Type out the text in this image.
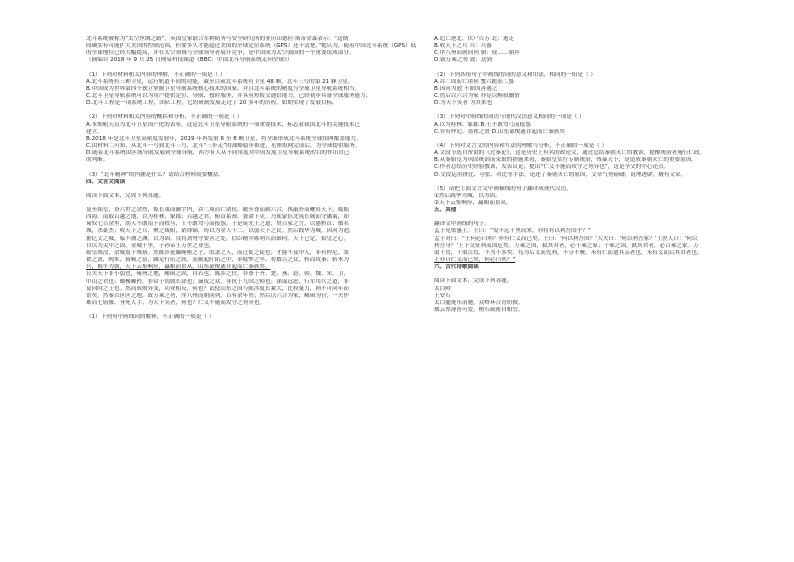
北斗系统被称为“太空丝绸之路”。英国皇家联合军种防务与安全研究所的亚历山德拉·斯蒂金森表示：“这期
间确实有可能扩大美国的控制范围，但要多久才能超过美国的全球定位系统（GPS）还不清楚。”她认为，随着中国北斗系统（GPS）低
的全球地位已经大幅提高，并在太空领域与全球领导者展开竞争，是中国成为太空强国的一个重要组成部分。
（摘编自 2018 年 9 月 25 日网易科技频道《BBC：中国北斗导航系统走向全球》）
（1）下列对材料相关内容的理解，不正确的一项是（ ）
A.北斗系统有三种卫星，运行轨道不同的功能，截至目前北斗系统有卫星 48 颗，北斗三号的第 21 颗卫星。
B.中国成为世界第四个独立掌握卫星导航系统核心技术的国家，并且北斗系统的精度与全球卫星导航系统相当。
C.北斗卫星导航系统可以为用户提供定位、导航、授时服务，并具有短报文通信能力，已经初步具备全球服务能力。
D.北斗工程是一项系统工程，团队工程，它的研制发展走过了 20 多年的历程，如期实现了发展目标。
（2）下列对材料相关内容的概括和分析，不正确的一项是（ ）
A.本期航天员为北斗卫星国产化的表率，这是北斗卫星导航系统的一项重要技术，标志着我国北斗的关键技术已
建立。
B.2018 年是北斗卫星高密度发射年，2019 年再发射 6 至 8 颗卫星，将全面形成北斗系统全球组网覆盖能力。
C.由材料二可知，从北斗一号到北斗三号，北斗“三步走”的战略稳步推进，星座组网完成后，为全球提供服务。
D.随着北斗系统由区域导航发展到全球导航，西方有人从不同角度对中国发展卫星导航系统的目的作出自己
的判断。
（3）“北斗精神”的内涵是什么？请结合材料简要概括。
四、文言文阅读
阅读下面文本，完成下列各题。
及至始皇，奋六世之余烈，振长策而御宇内，吞二周而亡诸侯，履至尊而制六合，执敲扑而鞭笞天下，威振
四海。南取百越之地，以为桂林、象郡；百越之君，俯首系颈，委命下吏。乃使蒙恬北筑长城而守藩篱，却
匈奴七百余里，胡人不敢南下而牧马，士不敢弯弓而报怨。于是废先王之道，焚百家之言，以愚黔首；隳名
城，杀豪杰；收天下之兵，聚之咸阳，销锋镝，铸以为金人十二，以弱天下之民。然后践华为城，因河为池，
据亿丈之城，临不测之渊，以为固。良将劲弩守要害之处，信臣精卒陈利兵而谁何。天下已定，始皇之心，
自以为关中之固，金城千里，子孙帝王万世之业也。
始皇既没，余威震于殊俗。然陈涉瓮牖绳枢之子，氓隶之人，而迁徙之徒也；才能不及中人，非有仲尼、墨
翟之贤，陶朱、猗顿之富；蹑足行伍之间，而倔起阡陌之中，率疲弊之卒，将数百之众，转而攻秦；斩木为
兵，揭竿为旗，天下云集响应，赢粮而景从。山东豪俊遂并起而亡秦族矣。
且夫天下非小弱也，雍州之地，崤函之固，自若也。陈涉之位，非尊于齐、楚、燕、赵、韩、魏、宋、卫、
中山之君也；锄櫌棘矜，非铦于钩戟长铩也；谪戍之众，非抗于九国之师也；深谋远虑，行军用兵之道，非
及向时之士也。然而成败异变，功业相反，何也？试使山东之国与陈涉度长絜大，比权量力，则不可同年而
语矣。然秦以区区之地，致万乘之势，序八州而朝同列，百有余年矣；然后以六合为家，崤函为宫；一夫作
难而七庙隳，身死人手，为天下笑者，何也？仁义不施而攻守之势异也。
（1）下列句中画线词的解释，不正确的一项是（ ）
A.追亡逐北，伏尸百万 北：逃走
B.收天下之兵 兵：兵器
C.序八州而朝同列 朝：使……朝拜
D.致万乘之势 致：达到
（2）下列各组句子中画线的词的意义和用法，相同的一组是（ ）
A.吞二周而亡诸侯 蟹六跪而二螯
B.因河为池 不如因善遇之
C.然后以六合为家 亦足以畅叙幽情
D.为天下笑者 为其来也
（3）下列句中画线的词语与现代汉语意义相同的一项是（ ）
A.以为桂林、象郡 B.士不敢弯弓而报怨
C.非有仲尼、墨翟之贤 D.山东豪俊遂并起而亡秦族矣
（4）下列对文言文的内容和写法的理解与分析，不正确的一项是（ ）
A.文段节选自贾谊的《过秦论》，这是历史上有名的政论文，通过总结秦朝灭亡的教训，提醒统治者施行仁政。
B.从秦始皇为巩固统治而采取的措施来看，秦始皇实行专制统治，残暴天下，是造成秦朝灭亡的重要原因。
C.作者总结历史经验教训，发表议论，提出“仁义不施而攻守之势异也”，这是全文的中心论点。
D.文段运用排比、夸张、对比等手法，论述了秦朝灭亡的原因，文章气势磅礴，说理透辟，极有文采。
（5）请把上面文言文中画横线的句子翻译成现代汉语。
①然后践华为城，以为固。
②天下云集响应，赢粮而景从。
五、其他
翻译文中画线的句子。
孟子见梁惠王。王曰：“叟不远千里而来，亦将有以利吾国乎？”
孟子对曰：“王何必曰利？亦有仁义而已矣。王曰：‘何以利吾国？’大夫曰：‘何以利吾家？’士庶人曰：‘何以
利吾身？’上下交征利而国危矣。万乘之国，弑其君者，必千乘之家；千乘之国，弑其君者，必百乘之家。万
取千焉，千取百焉，不为不多矣。苟为后义而先利，不夺不餍。未有仁而遗其亲者也，未有义而后其君者也。
王亦曰仁义而已矣，何必曰利？”
六、古代诗歌阅读
阅读下面文本，完成下列各题。
太白岭
王安石
太白巃嵸东南驰，众岭环合青纷披。
烟云厚薄皆可爱，树石疏密自相宜。
